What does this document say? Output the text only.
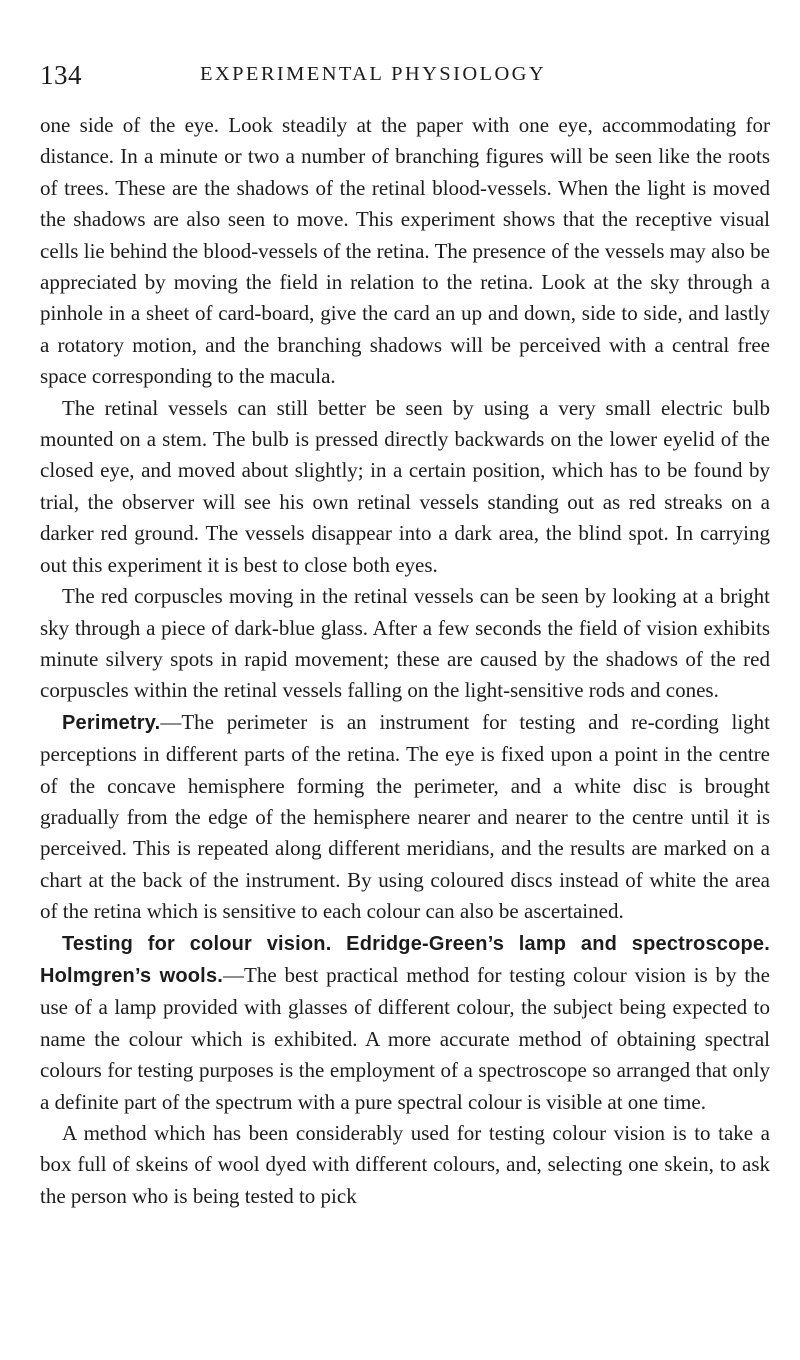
134	EXPERIMENTAL PHYSIOLOGY

one side of the eye. Look steadily at the paper with one eye, accommodating for distance. In a minute or two a number of branching figures will be seen like the roots of trees. These are the shadows of the retinal blood-vessels. When the light is moved the shadows are also seen to move. This experiment shows that the receptive visual cells lie behind the blood-vessels of the retina. The presence of the vessels may also be appreciated by moving the field in relation to the retina. Look at the sky through a pinhole in a sheet of card-board, give the card an up and down, side to side, and lastly a rotatory motion, and the branching shadows will be perceived with a central free space corresponding to the macula.

The retinal vessels can still better be seen by using a very small electric bulb mounted on a stem. The bulb is pressed directly backwards on the lower eyelid of the closed eye, and moved about slightly; in a certain position, which has to be found by trial, the observer will see his own retinal vessels standing out as red streaks on a darker red ground. The vessels disappear into a dark area, the blind spot. In carrying out this experiment it is best to close both eyes.

The red corpuscles moving in the retinal vessels can be seen by looking at a bright sky through a piece of dark-blue glass. After a few seconds the field of vision exhibits minute silvery spots in rapid movement; these are caused by the shadows of the red corpuscles within the retinal vessels falling on the light-sensitive rods and cones.

Perimetry.—The perimeter is an instrument for testing and re-cording light perceptions in different parts of the retina. The eye is fixed upon a point in the centre of the concave hemisphere forming the perimeter, and a white disc is brought gradually from the edge of the hemisphere nearer and nearer to the centre until it is perceived. This is repeated along different meridians, and the results are marked on a chart at the back of the instrument. By using coloured discs instead of white the area of the retina which is sensitive to each colour can also be ascertained.

Testing for colour vision. Edridge-Green’s lamp and spectroscope. Holmgren’s wools.—The best practical method for testing colour vision is by the use of a lamp provided with glasses of different colour, the subject being expected to name the colour which is exhibited. A more accurate method of obtaining spectral colours for testing purposes is the employment of a spectroscope so arranged that only a definite part of the spectrum with a pure spectral colour is visible at one time.

A method which has been considerably used for testing colour vision is to take a box full of skeins of wool dyed with different colours, and, selecting one skein, to ask the person who is being tested to pick
